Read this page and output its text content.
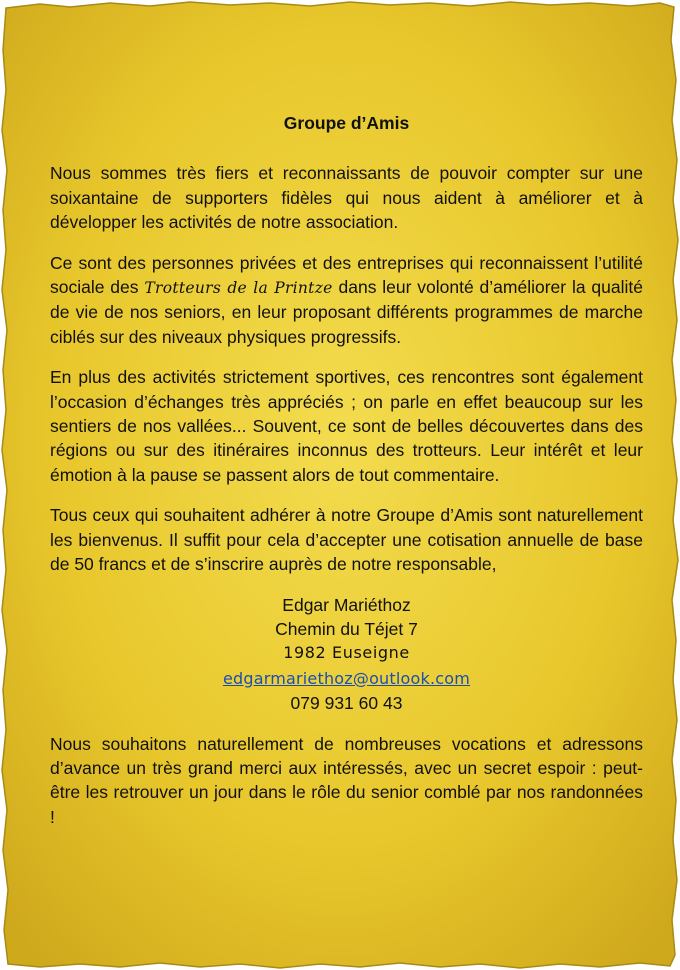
Groupe d’Amis

Nous sommes très fiers et reconnaissants de pouvoir compter sur une soixantaine de supporters fidèles qui nous aident à améliorer et à développer les activités de notre association.

Ce sont des personnes privées et des entreprises qui reconnaissent l’utilité sociale des Trotteurs de la Printze dans leur volonté d’améliorer la qualité de vie de nos seniors, en leur proposant différents programmes de marche ciblés sur des niveaux physiques progressifs.

En plus des activités strictement sportives, ces rencontres sont également l’occasion d’échanges très appréciés ; on parle en effet beaucoup sur les sentiers de nos vallées... Souvent, ce sont de belles découvertes dans des régions ou sur des itinéraires inconnus des trotteurs. Leur intérêt et leur émotion à la pause se passent alors de tout commentaire.

Tous ceux qui souhaitent adhérer à notre Groupe d’Amis sont naturellement les bienvenus. Il suffit pour cela d’accepter une cotisation annuelle de base de 50 francs et de s’inscrire auprès de notre responsable,

Edgar Mariéthoz
Chemin du Téjet 7
1982 Euseigne
edgarmariethoz@outlook.com
079 931 60 43

Nous souhaitons naturellement de nombreuses vocations et adressons d’avance un très grand merci aux intéressés, avec un secret espoir : peut-être les retrouver un jour dans le rôle du senior comblé par nos randonnées !
